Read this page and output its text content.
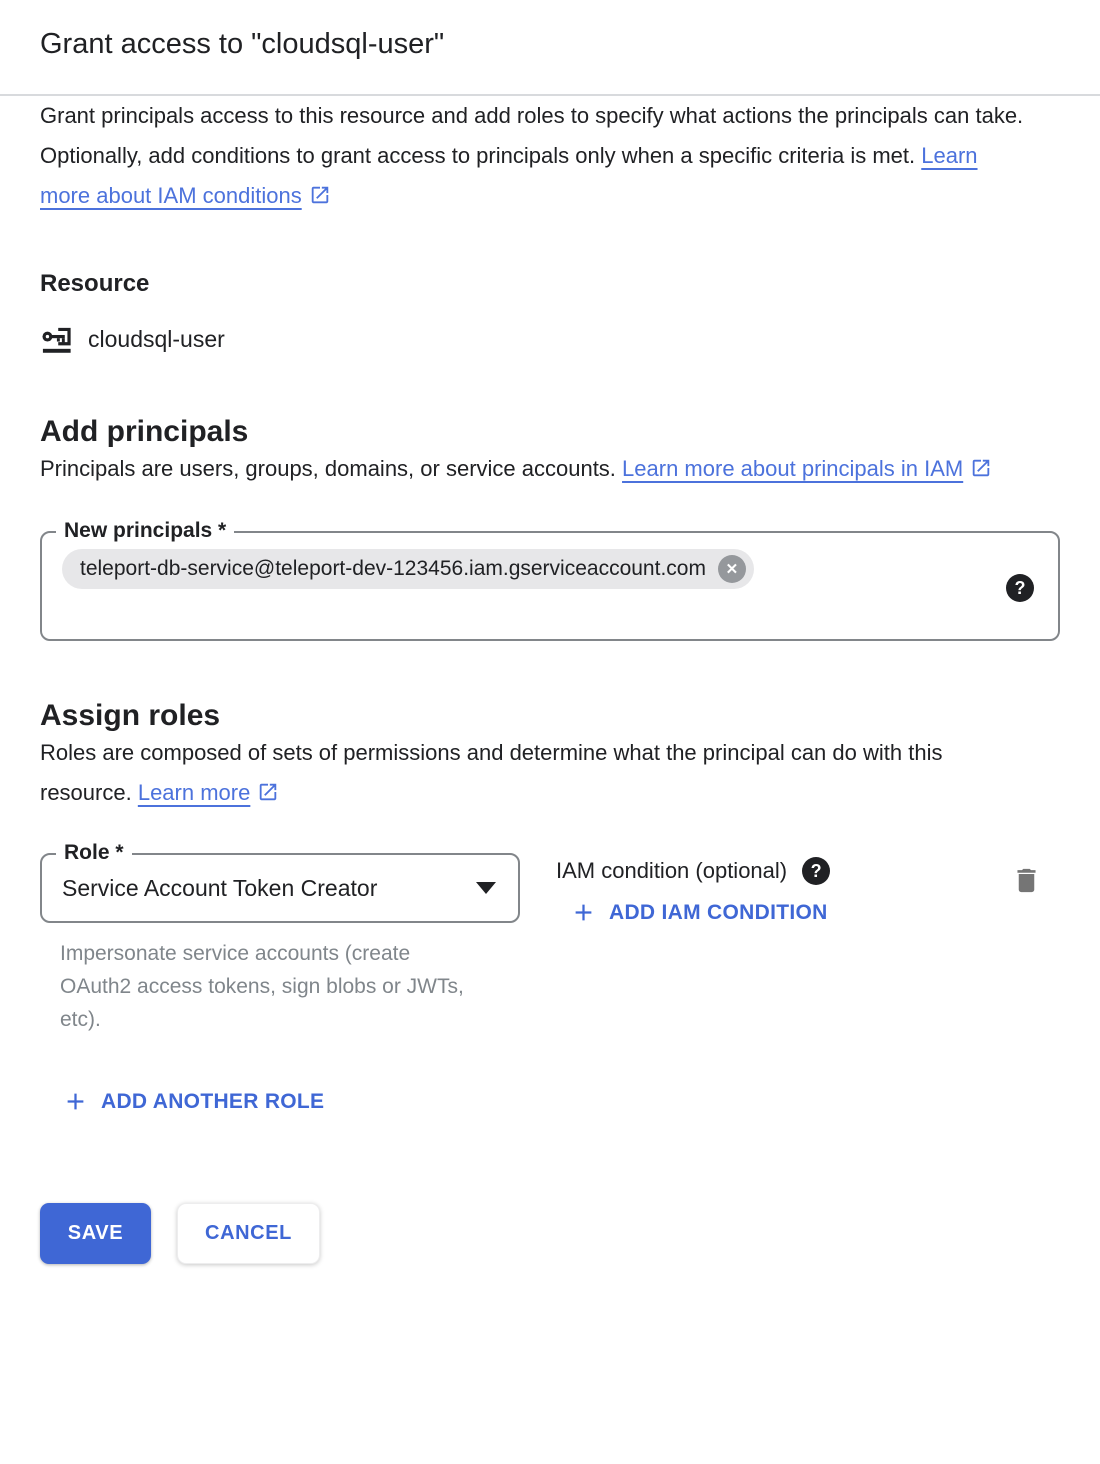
Grant access to "cloudsql-user"

Grant principals access to this resource and add roles to specify what actions the principals can take. Optionally, add conditions to grant access to principals only when a specific criteria is met. Learn more about IAM conditions

Resource
cloudsql-user
Add principals

Principals are users, groups, domains, or service accounts. Learn more about principals in IAM

New principals *
teleport-db-service@teleport-dev-123456.iam.gserviceaccount.com	✕
?
Assign roles

Roles are composed of sets of permissions and determine what the principal can do with this resource. Learn more

Role *
Service Account Token Creator

Impersonate service accounts (create OAuth2 access tokens, sign blobs or JWTs, etc).

IAM condition (optional)	?
ADD IAM CONDITION
ADD ANOTHER ROLE
SAVE	CANCEL
